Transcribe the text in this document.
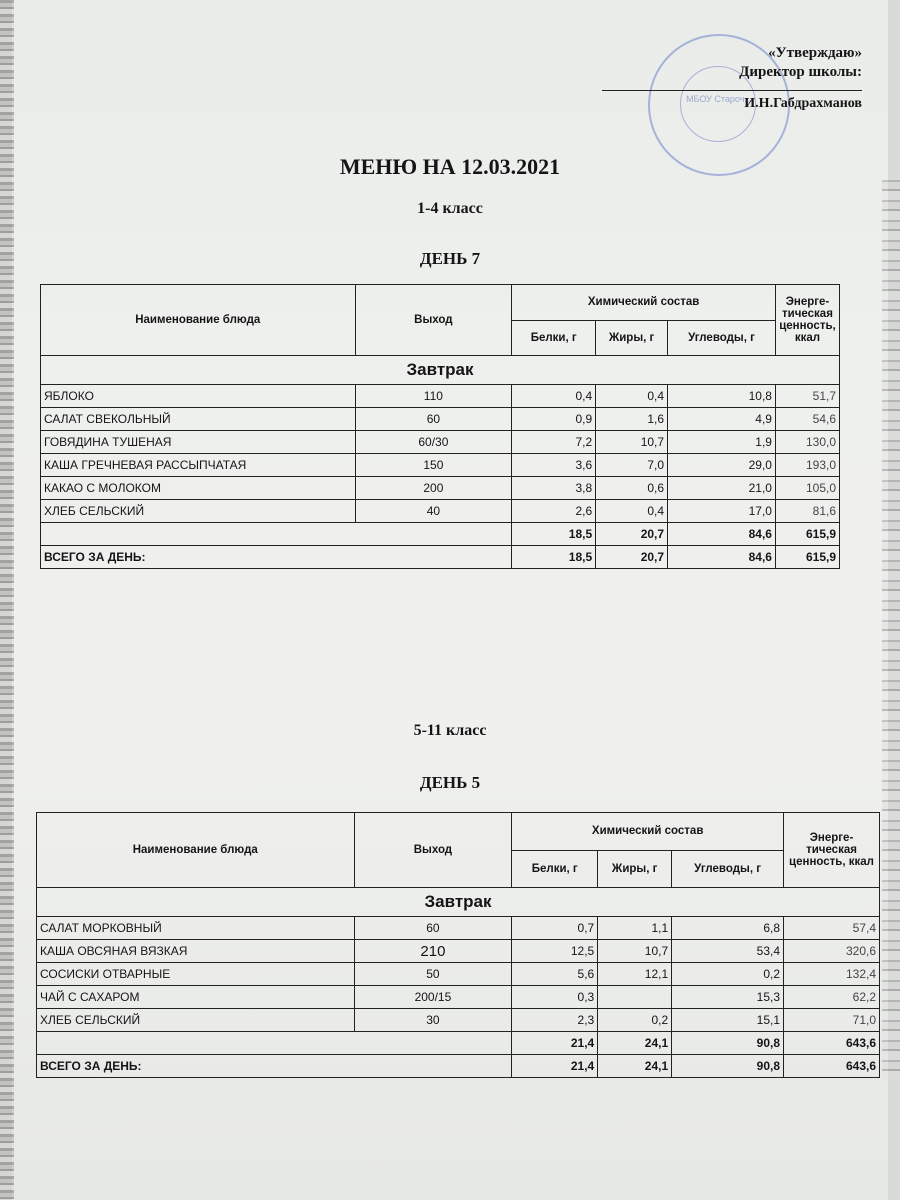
МБОУ Староч...
«Утверждаю»
Директор школы:
И.Н.Габдрахманов
МЕНЮ НА 12.03.2021
1-4 класс
ДЕНЬ 7
Наименование блюда	Выход	Химический состав			Энерге-тическая ценность, ккал
		Белки, г	Жиры, г	Углеводы, г	
Завтрак					
ЯБЛОКО	110	0,4	0,4	10,8	51,7
САЛАТ СВЕКОЛЬНЫЙ	60	0,9	1,6	4,9	54,6
ГОВЯДИНА ТУШЕНАЯ	60/30	7,2	10,7	1,9	130,0
КАША ГРЕЧНЕВАЯ РАССЫПЧАТАЯ	150	3,6	7,0	29,0	193,0
КАКАО С МОЛОКОМ	200	3,8	0,6	21,0	105,0
ХЛЕБ СЕЛЬСКИЙ	40	2,6	0,4	17,0	81,6
		18,5	20,7	84,6	615,9
ВСЕГО ЗА ДЕНЬ:		18,5	20,7	84,6	615,9
5-11 класс
ДЕНЬ 5
Наименование блюда	Выход	Химический состав			Энерге-тическая ценность, ккал
		Белки, г	Жиры, г	Углеводы, г	
Завтрак					
САЛАТ МОРКОВНЫЙ	60	0,7	1,1	6,8	57,4
КАША ОВСЯНАЯ ВЯЗКАЯ	210	12,5	10,7	53,4	320,6
СОСИСКИ ОТВАРНЫЕ	50	5,6	12,1	0,2	132,4
ЧАЙ С САХАРОМ	200/15	0,3		15,3	62,2
ХЛЕБ СЕЛЬСКИЙ	30	2,3	0,2	15,1	71,0
		21,4	24,1	90,8	643,6
ВСЕГО ЗА ДЕНЬ:		21,4	24,1	90,8	643,6
